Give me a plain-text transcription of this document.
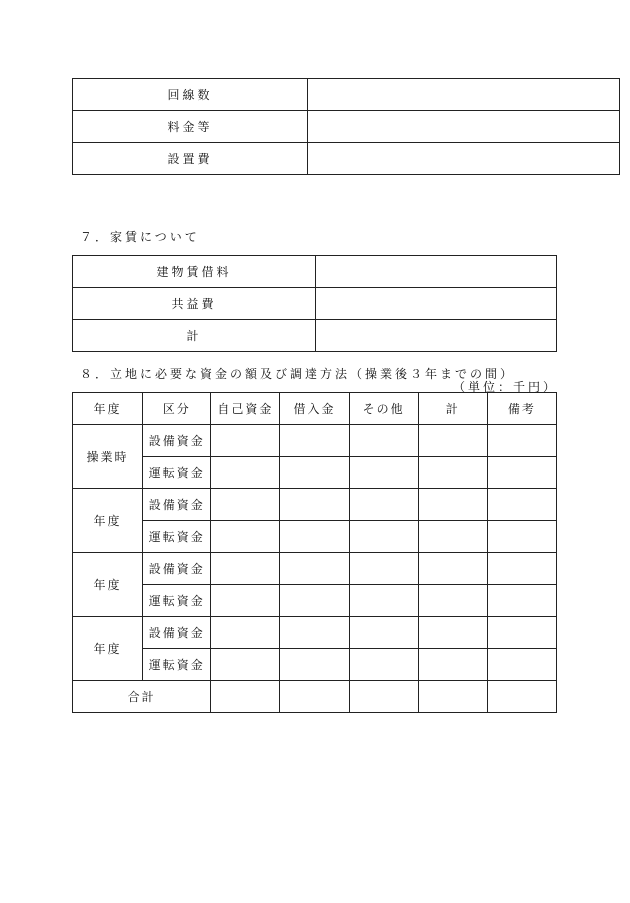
回線数	
料金等	
設置費	
７．家賃について
建物賃借料	
共益費	
計	
８．立地に必要な資金の額及び調達方法（操業後３年までの間）
（単位：千円）
年度	区分	自己資金	借入金	その他	計	備考
操業時	設備資金					
	運転資金					
年度	設備資金					
	運転資金					
年度	設備資金					
	運転資金					
年度	設備資金					
	運転資金					
合計						
